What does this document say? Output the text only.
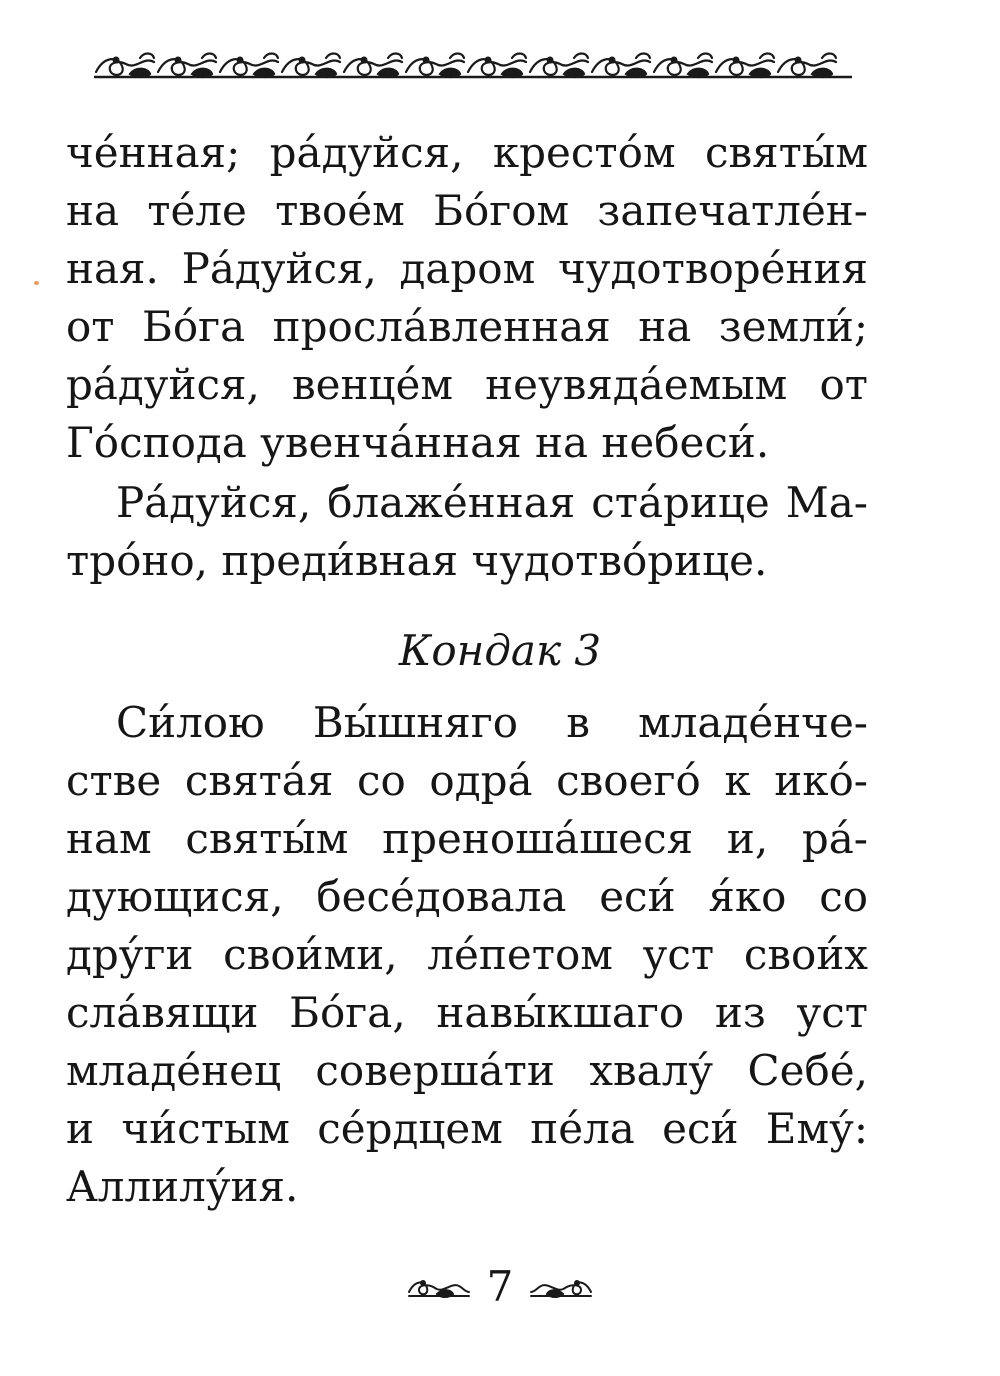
че́нная; ра́дуйся, кресто́м святы́м
на те́ле твое́м Бо́гом запечатле́н-
ная. Ра́дуйся, даром чудотворе́ния
от Бо́га просла́вленная на земли́;
ра́дуйся, венце́м неувяда́емым от
Го́спода увенча́нная на небеси́.
Ра́дуйся, блаже́нная ста́рице Ма-
тро́но, преди́вная чудотво́рице.
Кондак 3
Си́лою Вы́шняго в младе́нче-
стве свята́я со одра́ своего́ к ико́-
нам святы́м преноша́шеся и, ра́-
дующися, бесе́довала еси́ я́ко со
дру́ги свои́ми, ле́петом уст свои́х
сла́вящи Бо́га, навы́кшаго из уст
младе́нец соверша́ти хвалу́ Себе́,
и чи́стым се́рдцем пе́ла еси́ Ему́:
Аллилу́ия.
7
